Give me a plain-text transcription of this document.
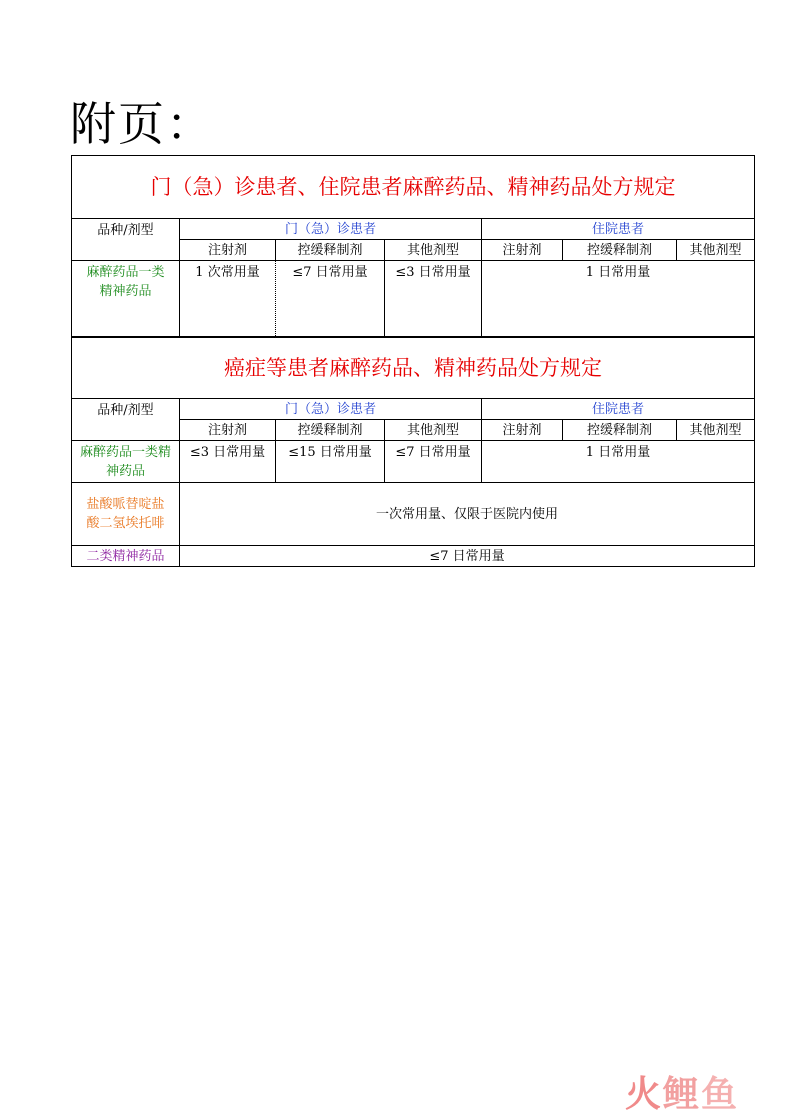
附页：
门（急）诊患者、住院患者麻醉药品、精神药品处方规定						
品种/剂型	门（急）诊患者			住院患者		
	注射剂	控缓释制剂	其他剂型	注射剂	控缓释制剂	其他剂型
麻醉药品一类精神药品	1 次常用量	≤7 日常用量	≤3 日常用量	1 日常用量		
癌症等患者麻醉药品、精神药品处方规定						
品种/剂型	门（急）诊患者			住院患者		
	注射剂	控缓释制剂	其他剂型	注射剂	控缓释制剂	其他剂型
麻醉药品一类精神药品	≤3 日常用量	≤15 日常用量	≤7 日常用量	1 日常用量		
盐酸哌替啶盐酸二氢埃托啡	一次常用量、仅限于医院内使用					
二类精神药品	≤7 日常用量					
火鲤鱼
